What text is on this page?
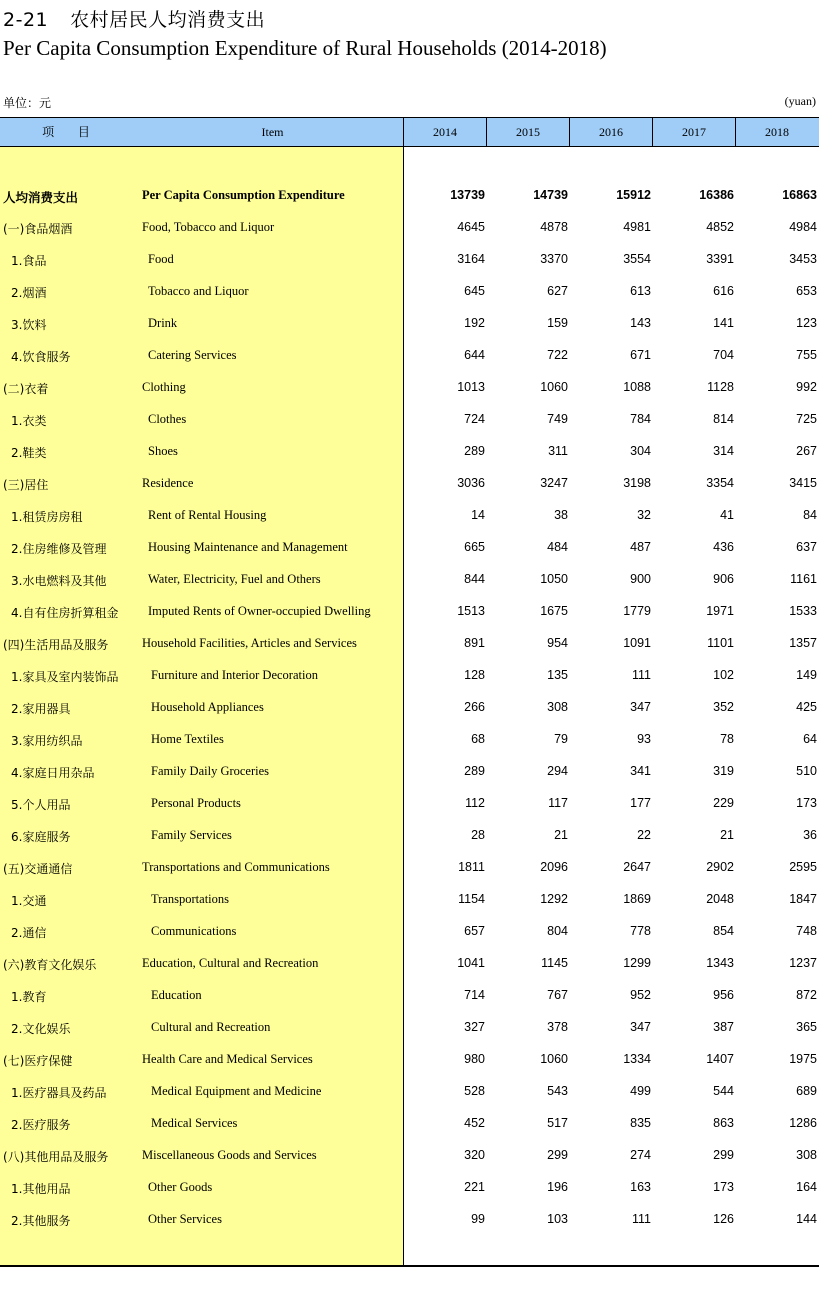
2-21 农村居民人均消费支出
Per Capita Consumption Expenditure of Rural Households (2014-2018)
单位：元	(yuan)
项 目	Item	2014	2015	2016	2017	2018
人均消费支出	Per Capita Consumption Expenditure	13739	14739	15912	16386	16863
(一)食品烟酒	Food, Tobacco and Liquor	4645	4878	4981	4852	4984
1.食品	Food	3164	3370	3554	3391	3453
2.烟酒	Tobacco and Liquor	645	627	613	616	653
3.饮料	Drink	192	159	143	141	123
4.饮食服务	Catering Services	644	722	671	704	755
(二)衣着	Clothing	1013	1060	1088	1128	992
1.衣类	Clothes	724	749	784	814	725
2.鞋类	Shoes	289	311	304	314	267
(三)居住	Residence	3036	3247	3198	3354	3415
1.租赁房房租	Rent of Rental Housing	14	38	32	41	84
2.住房维修及管理	Housing Maintenance and Management	665	484	487	436	637
3.水电燃料及其他	Water, Electricity, Fuel and Others	844	1050	900	906	1161
4.自有住房折算租金 Imputed Rents of Owner-occupied Dwelling	1513	1675	1779	1971	1533
(四)生活用品及服务	Household Facilities, Articles and Services	891	954	1091	1101	1357
1.家具及室内装饰品	Furniture and Interior Decoration	128	135	111	102	149
2.家用器具	Household Appliances	266	308	347	352	425
3.家用纺织品	Home Textiles	68	79	93	78	64
4.家庭日用杂品	Family Daily Groceries	289	294	341	319	510
5.个人用品	Personal Products	112	117	177	229	173
6.家庭服务	Family Services	28	21	22	21	36
(五)交通通信	Transportations and Communications	1811	2096	2647	2902	2595
1.交通	Transportations	1154	1292	1869	2048	1847
2.通信	Communications	657	804	778	854	748
(六)教育文化娱乐	Education, Cultural and Recreation	1041	1145	1299	1343	1237
1.教育	Education	714	767	952	956	872
2.文化娱乐	Cultural and Recreation	327	378	347	387	365
(七)医疗保健	Health Care and Medical Services	980	1060	1334	1407	1975
1.医疗器具及药品	Medical Equipment and Medicine	528	543	499	544	689
2.医疗服务	Medical Services	452	517	835	863	1286
(八)其他用品及服务	Miscellaneous Goods and Services	320	299	274	299	308
1.其他用品	Other Goods	221	196	163	173	164
2.其他服务	Other Services	99	103	111	126	144
